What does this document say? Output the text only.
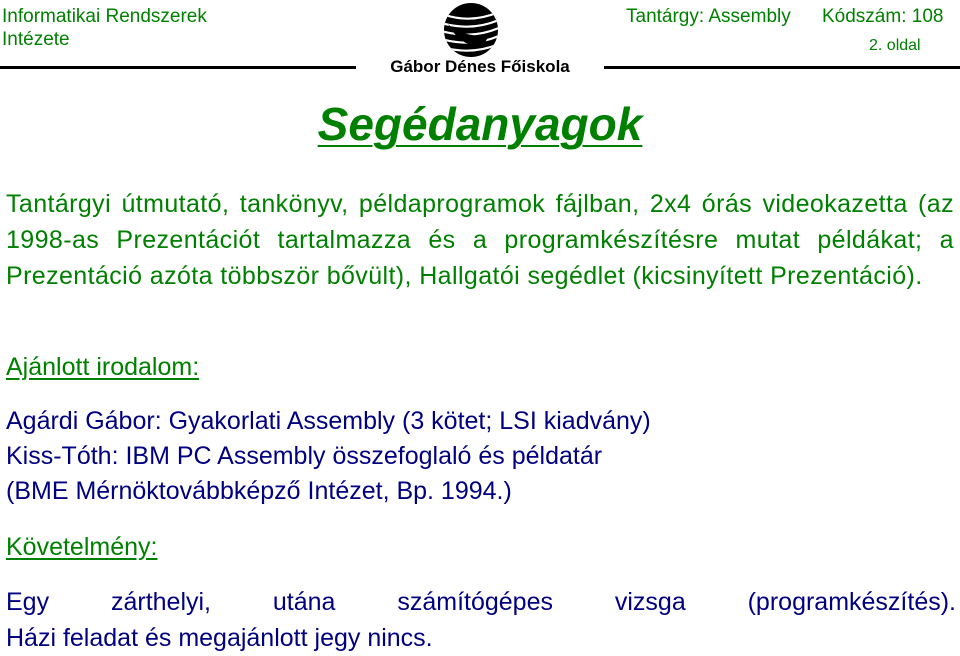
Informatikai Rendszerek
Intézete
Tantárgy: Assembly Kódszám: 108
2. oldal
Gábor Dénes Főiskola
Segédanyagok
Tantárgyi útmutató, tankönyv, példaprogramok fájlban, 2x4 órás videokazetta (az 1998-as Prezentációt tartalmazza és a programkészítésre mutat példákat; a Prezentáció azóta többször bővült), Hallgatói segédlet (kicsinyített Prezentáció).
Ajánlott irodalom:
Agárdi Gábor: Gyakorlati Assembly (3 kötet; LSI kiadvány)
Kiss-Tóth: IBM PC Assembly összefoglaló és példatár
(BME Mérnöktovábbképző Intézet, Bp. 1994.)
Követelmény:
Egy zárthelyi, utána számítógépes vizsga (programkészítés).
Házi feladat és megajánlott jegy nincs.
